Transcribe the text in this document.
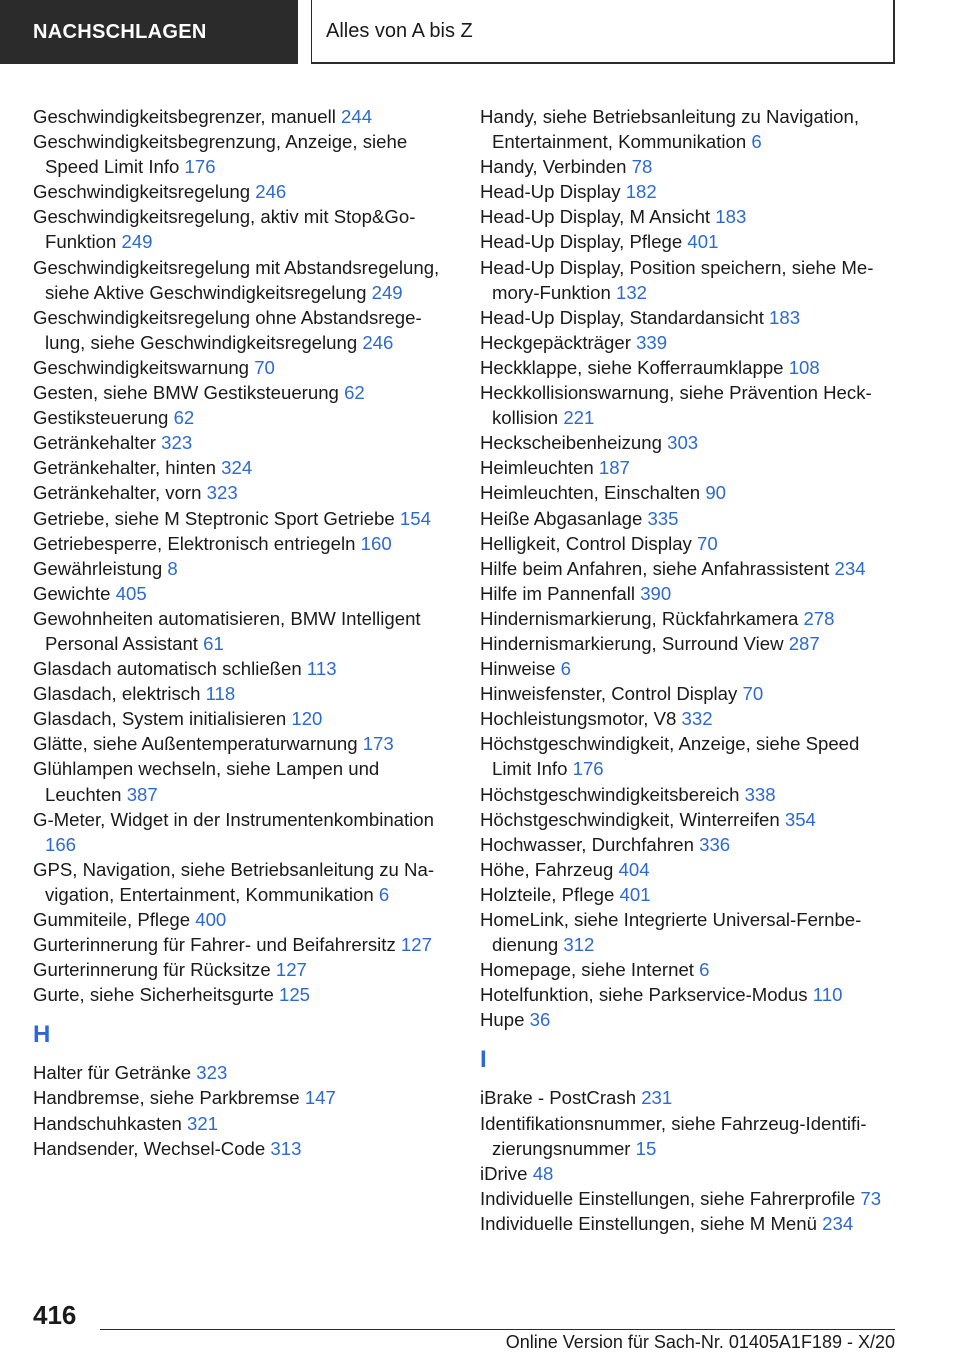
NACHSCHLAGEN	Alles von A bis Z

Geschwindigkeitsbegrenzer, manuell 244

Geschwindigkeitsbegrenzung, Anzeige, siehe Speed Limit Info 176

Geschwindigkeitsregelung 246

Geschwindigkeitsregelung, aktiv mit Stop&Go-Funktion 249

Geschwindigkeitsregelung mit Abstandsregelung, siehe Aktive Geschwindigkeitsregelung 249

Geschwindigkeitsregelung ohne Abstandsregelung, siehe Geschwindigkeitsregelung 246

Geschwindigkeitswarnung 70

Gesten, siehe BMW Gestiksteuerung 62

Gestiksteuerung 62

Getränkehalter 323

Getränkehalter, hinten 324

Getränkehalter, vorn 323

Getriebe, siehe M Steptronic Sport Getriebe 154

Getriebesperre, Elektronisch entriegeln 160

Gewährleistung 8

Gewichte 405

Gewohnheiten automatisieren, BMW Intelligent Personal Assistant 61

Glasdach automatisch schließen 113

Glasdach, elektrisch 118

Glasdach, System initialisieren 120

Glätte, siehe Außentemperaturwarnung 173

Glühlampen wechseln, siehe Lampen und Leuchten 387

G-Meter, Widget in der Instrumentenkombination 166

GPS, Navigation, siehe Betriebsanleitung zu Navigation, Entertainment, Kommunikation 6

Gummiteile, Pflege 400

Gurterinnerung für Fahrer- und Beifahrersitz 127

Gurterinnerung für Rücksitze 127

Gurte, siehe Sicherheitsgurte 125

H

Halter für Getränke 323

Handbremse, siehe Parkbremse 147

Handschuhkasten 321

Handsender, Wechsel-Code 313

Handy, siehe Betriebsanleitung zu Navigation, Entertainment, Kommunikation 6

Handy, Verbinden 78

Head-Up Display 182

Head-Up Display, M Ansicht 183

Head-Up Display, Pflege 401

Head-Up Display, Position speichern, siehe Memory-Funktion 132

Head-Up Display, Standardansicht 183

Heckgepäckträger 339

Heckklappe, siehe Kofferraumklappe 108

Heckkollisionswarnung, siehe Prävention Heckkollision 221

Heckscheibenheizung 303

Heimleuchten 187

Heimleuchten, Einschalten 90

Heiße Abgasanlage 335

Helligkeit, Control Display 70

Hilfe beim Anfahren, siehe Anfahrassistent 234

Hilfe im Pannenfall 390

Hindernismarkierung, Rückfahrkamera 278

Hindernismarkierung, Surround View 287

Hinweise 6

Hinweisfenster, Control Display 70

Hochleistungsmotor, V8 332

Höchstgeschwindigkeit, Anzeige, siehe Speed Limit Info 176

Höchstgeschwindigkeitsbereich 338

Höchstgeschwindigkeit, Winterreifen 354

Hochwasser, Durchfahren 336

Höhe, Fahrzeug 404

Holzteile, Pflege 401

HomeLink, siehe Integrierte Universal-Fernbedienung 312

Homepage, siehe Internet 6

Hotelfunktion, siehe Parkservice-Modus 110

Hupe 36

I

iBrake - PostCrash 231

Identifikationsnummer, siehe Fahrzeug-Identifizierungsnummer 15

iDrive 48

Individuelle Einstellungen, siehe Fahrerprofile 73

Individuelle Einstellungen, siehe M Menü 234

416
Online Version für Sach-Nr. 01405A1F189 - X/20
